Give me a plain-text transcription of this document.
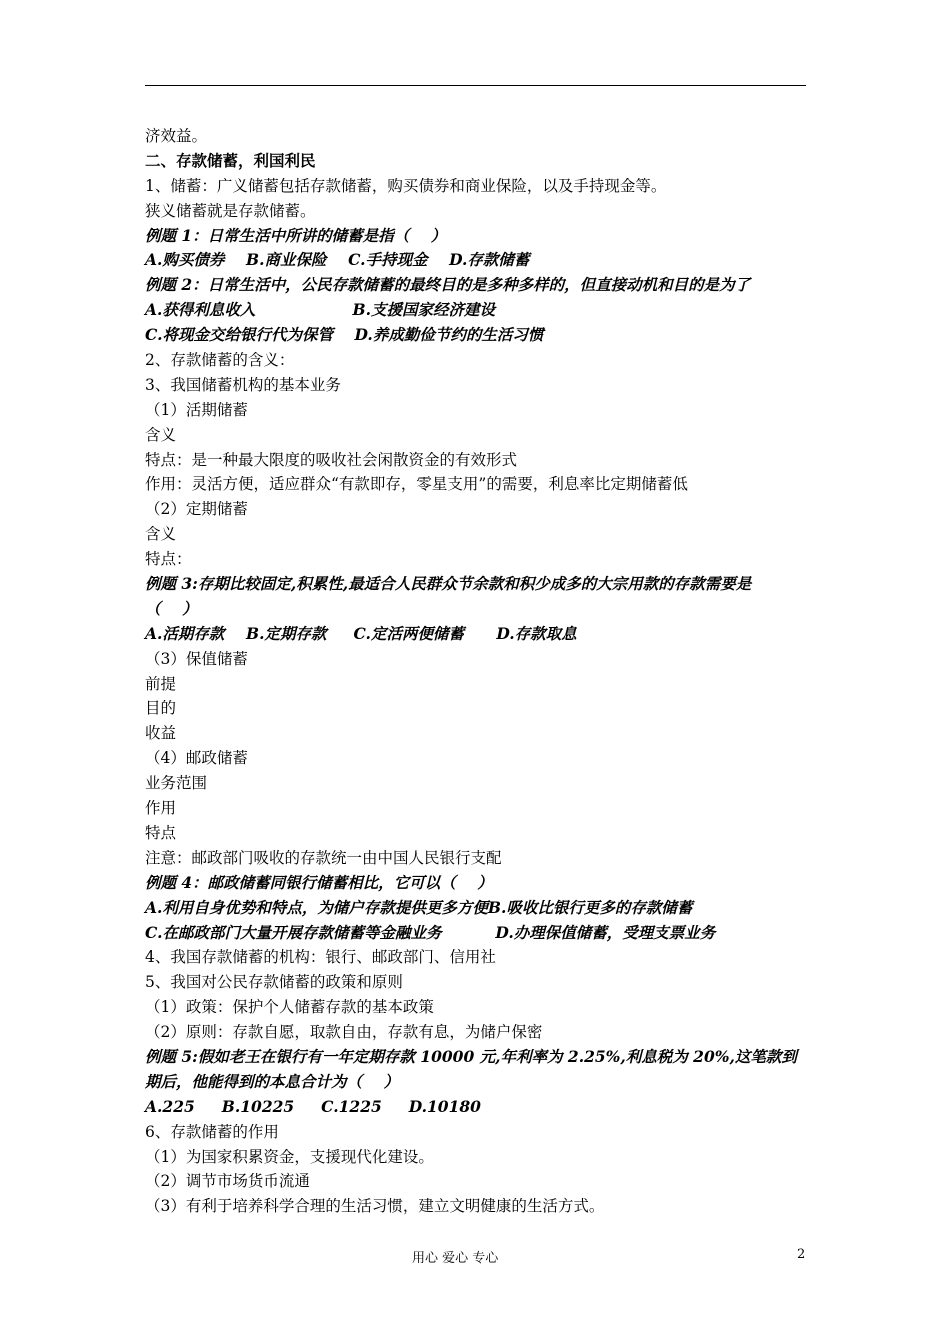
济效益。

二、存款储蓄，利国利民

1、储蓄：广义储蓄包括存款储蓄，购买债券和商业保险，以及手持现金等。

狭义储蓄就是存款储蓄。

例题 1：日常生活中所讲的储蓄是指（    ）

A.购买债券    B.商业保险    C.手持现金    D.存款储蓄

例题 2：日常生活中，公民存款储蓄的最终目的是多种多样的，但直接动机和目的是为了

A.获得利息收入                  B.支援国家经济建设

C.将现金交给银行代为保管    D.养成勤俭节约的生活习惯

2、存款储蓄的含义：

3、我国储蓄机构的基本业务

（1）活期储蓄

含义

特点：是一种最大限度的吸收社会闲散资金的有效形式

作用：灵活方便，适应群众“有款即存，零星支用”的需要，利息率比定期储蓄低

（2）定期储蓄

含义

特点：

例题 3:存期比较固定,积累性,最适合人民群众节余款和积少成多的大宗用款的存款需要是

（    ）

A.活期存款    B.定期存款     C.定活两便储蓄      D.存款取息

（3）保值储蓄

前提

目的

收益

（4）邮政储蓄

业务范围

作用

特点

注意：邮政部门吸收的存款统一由中国人民银行支配

例题 4：邮政储蓄同银行储蓄相比，它可以（    ）

A.利用自身优势和特点，为储户存款提供更多方便B.吸收比银行更多的存款储蓄

C.在邮政部门大量开展存款储蓄等金融业务          D.办理保值储蓄，受理支票业务

4、我国存款储蓄的机构：银行、邮政部门、信用社

5、我国对公民存款储蓄的政策和原则

（1）政策：保护个人储蓄存款的基本政策

（2）原则：存款自愿，取款自由，存款有息，为储户保密

例题 5:假如老王在银行有一年定期存款 10000 元,年利率为 2.25%,利息税为 20%,这笔款到

期后，他能得到的本息合计为（    ）

A.225     B.10225     C.1225     D.10180

6、存款储蓄的作用

（1）为国家积累资金，支援现代化建设。

（2）调节市场货币流通

（3）有利于培养科学合理的生活习惯，建立文明健康的生活方式。

用心 爱心 专心	2
